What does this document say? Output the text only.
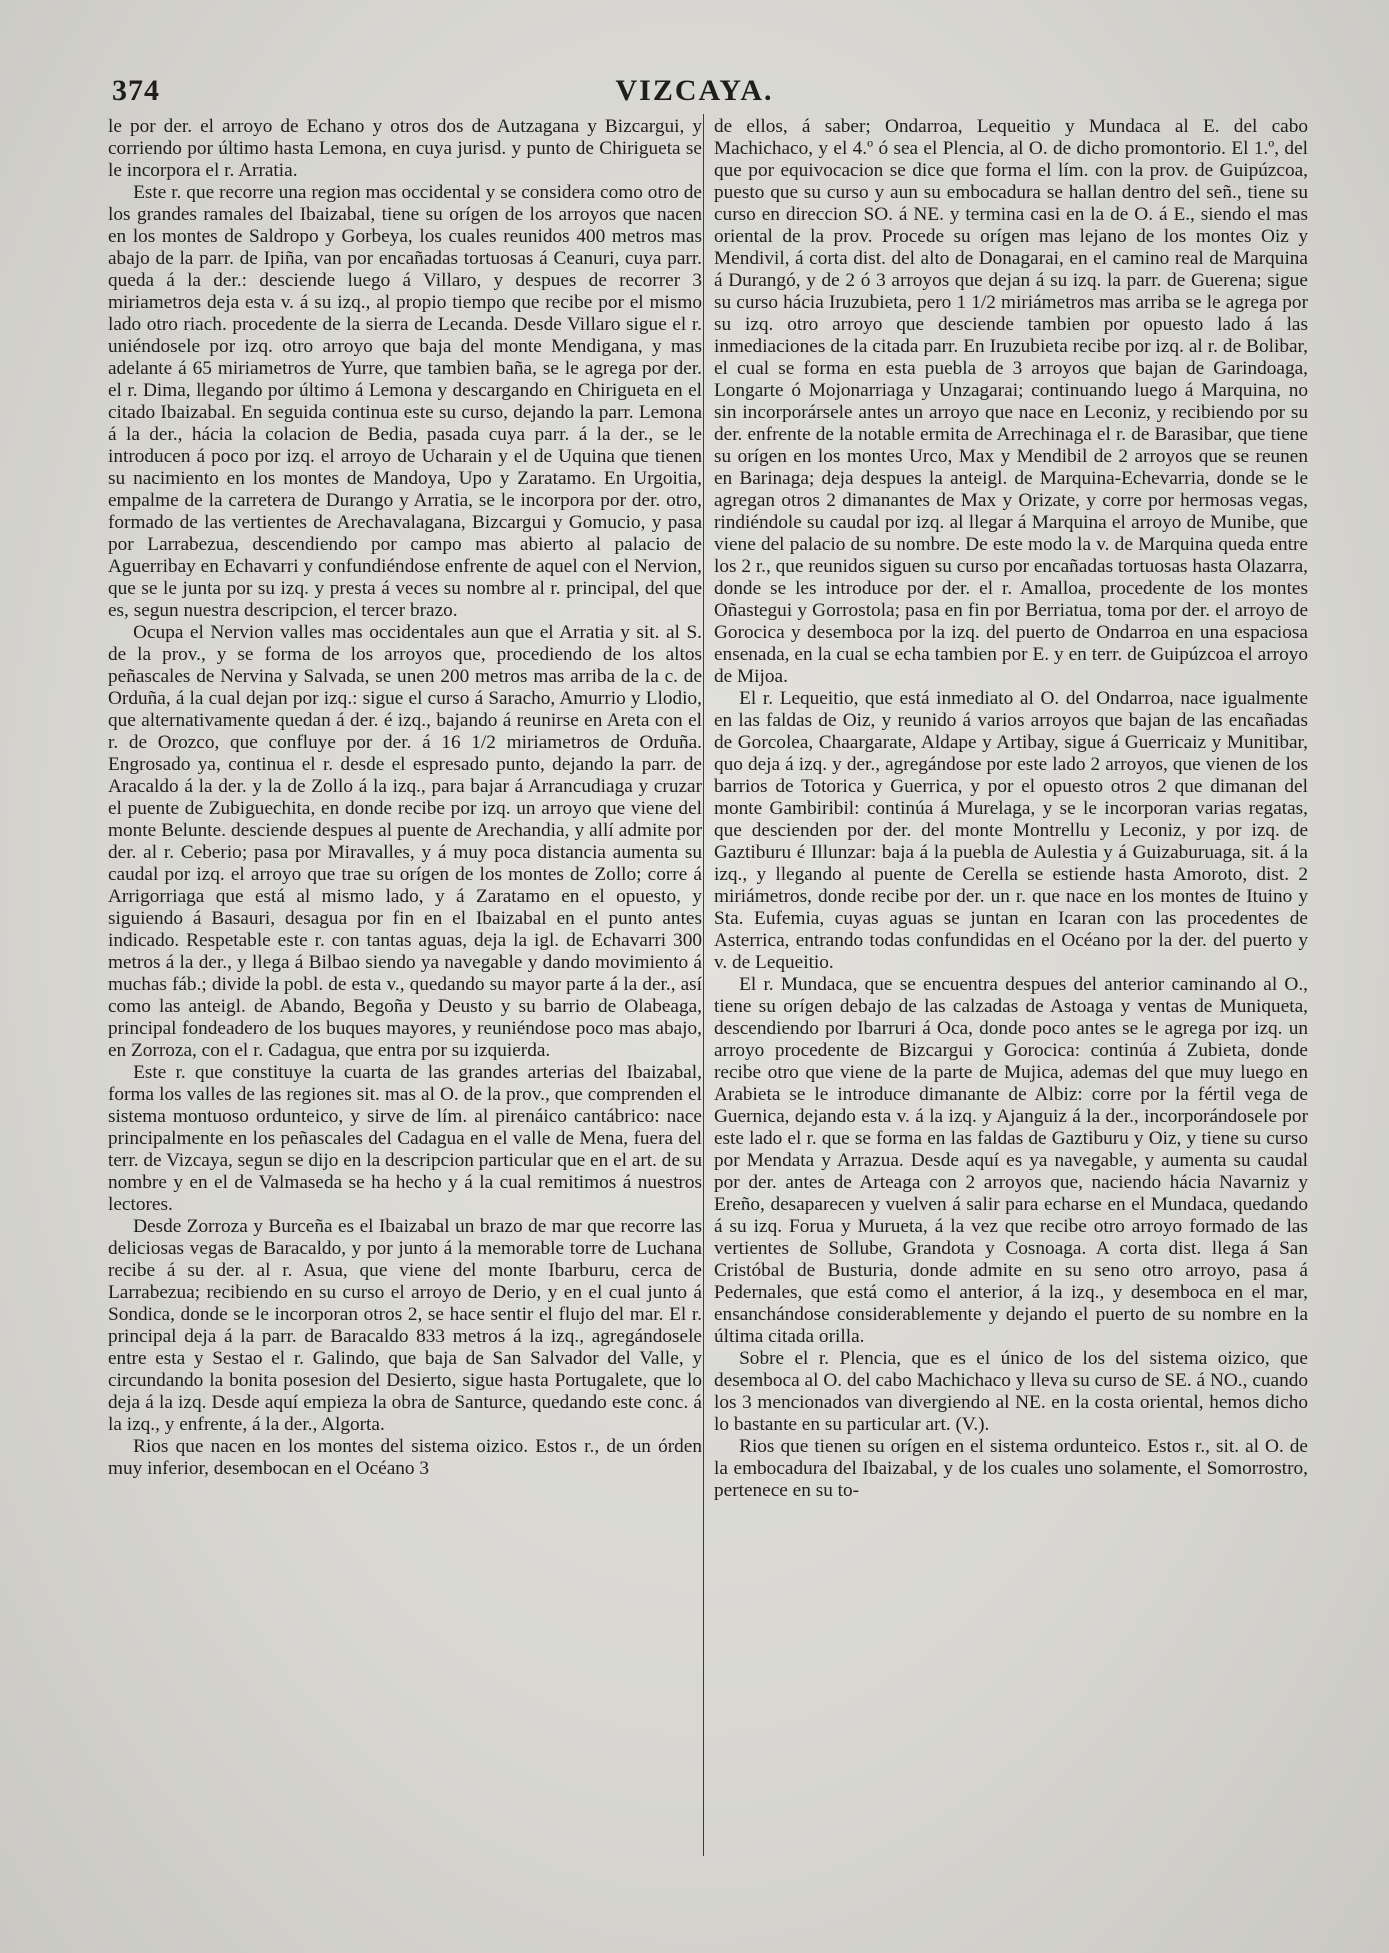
374	VIZCAYA.

le por der. el arroyo de Echano y otros dos de Autzagana y Bizcargui, y corriendo por último hasta Lemona, en cuya jurisd. y punto de Chirigueta se le incorpora el r. Arratia.

Este r. que recorre una region mas occidental y se considera como otro de los grandes ramales del Ibaizabal, tiene su orígen de los arroyos que nacen en los montes de Saldropo y Gorbeya, los cuales reunidos 400 metros mas abajo de la parr. de Ipiña, van por encañadas tortuosas á Ceanuri, cuya parr. queda á la der.: desciende luego á Villaro, y despues de recorrer 3 miriametros deja esta v. á su izq., al propio tiempo que recibe por el mismo lado otro riach. procedente de la sierra de Lecanda. Desde Villaro sigue el r. uniéndosele por izq. otro arroyo que baja del monte Mendigana, y mas adelante á 65 miriametros de Yurre, que tambien baña, se le agrega por der. el r. Dima, llegando por último á Lemona y descargando en Chirigueta en el citado Ibaizabal. En seguida continua este su curso, dejando la parr. Lemona á la der., hácia la colacion de Bedia, pasada cuya parr. á la der., se le introducen á poco por izq. el arroyo de Ucharain y el de Uquina que tienen su nacimiento en los montes de Mandoya, Upo y Zaratamo. En Urgoitia, empalme de la carretera de Durango y Arratia, se le incorpora por der. otro, formado de las vertientes de Arechavalagana, Bizcargui y Gomucio, y pasa por Larrabezua, descendiendo por campo mas abierto al palacio de Aguerribay en Echavarri y confundiéndose enfrente de aquel con el Nervion, que se le junta por su izq. y presta á veces su nombre al r. principal, del que es, segun nuestra descripcion, el tercer brazo.

Ocupa el Nervion valles mas occidentales aun que el Arratia y sit. al S. de la prov., y se forma de los arroyos que, procediendo de los altos peñascales de Nervina y Salvada, se unen 200 metros mas arriba de la c. de Orduña, á la cual dejan por izq.: sigue el curso á Saracho, Amurrio y Llodio, que alternativamente quedan á der. é izq., bajando á reunirse en Areta con el r. de Orozco, que confluye por der. á 16 1/2 miriametros de Orduña. Engrosado ya, continua el r. desde el espresado punto, dejando la parr. de Aracaldo á la der. y la de Zollo á la izq., para bajar á Arrancudiaga y cruzar el puente de Zubiguechita, en donde recibe por izq. un arroyo que viene del monte Belunte. desciende despues al puente de Arechandia, y allí admite por der. al r. Ceberio; pasa por Miravalles, y á muy poca distancia aumenta su caudal por izq. el arroyo que trae su orígen de los montes de Zollo; corre á Arrigorriaga que está al mismo lado, y á Zaratamo en el opuesto, y siguiendo á Basauri, desagua por fin en el Ibaizabal en el punto antes indicado. Respetable este r. con tantas aguas, deja la igl. de Echavarri 300 metros á la der., y llega á Bilbao siendo ya navegable y dando movimiento á muchas fáb.; divide la pobl. de esta v., quedando su mayor parte á la der., así como las anteigl. de Abando, Begoña y Deusto y su barrio de Olabeaga, principal fondeadero de los buques mayores, y reuniéndose poco mas abajo, en Zorroza, con el r. Cadagua, que entra por su izquierda.

Este r. que constituye la cuarta de las grandes arterias del Ibaizabal, forma los valles de las regiones sit. mas al O. de la prov., que comprenden el sistema montuoso ordunteico, y sirve de lím. al pirenáico cantábrico: nace principalmente en los peñascales del Cadagua en el valle de Mena, fuera del terr. de Vizcaya, segun se dijo en la descripcion particular que en el art. de su nombre y en el de Valmaseda se ha hecho y á la cual remitimos á nuestros lectores.

Desde Zorroza y Burceña es el Ibaizabal un brazo de mar que recorre las deliciosas vegas de Baracaldo, y por junto á la memorable torre de Luchana recibe á su der. al r. Asua, que viene del monte Ibarburu, cerca de Larrabezua; recibiendo en su curso el arroyo de Derio, y en el cual junto á Sondica, donde se le incorporan otros 2, se hace sentir el flujo del mar. El r. principal deja á la parr. de Baracaldo 833 metros á la izq., agregándosele entre esta y Sestao el r. Galindo, que baja de San Salvador del Valle, y circundando la bonita posesion del Desierto, sigue hasta Portugalete, que lo deja á la izq. Desde aquí empieza la obra de Santurce, quedando este conc. á la izq., y enfrente, á la der., Algorta.

Rios que nacen en los montes del sistema oizico. Estos r., de un órden muy inferior, desembocan en el Océano 3

de ellos, á saber; Ondarroa, Lequeitio y Mundaca al E. del cabo Machichaco, y el 4.º ó sea el Plencia, al O. de dicho promontorio. El 1.º, del que por equivocacion se dice que forma el lím. con la prov. de Guipúzcoa, puesto que su curso y aun su embocadura se hallan dentro del señ., tiene su curso en direccion SO. á NE. y termina casi en la de O. á E., siendo el mas oriental de la prov. Procede su orígen mas lejano de los montes Oiz y Mendivil, á corta dist. del alto de Donagarai, en el camino real de Marquina á Durangó, y de 2 ó 3 arroyos que dejan á su izq. la parr. de Guerena; sigue su curso hácia Iruzubieta, pero 1 1/2 miriámetros mas arriba se le agrega por su izq. otro arroyo que desciende tambien por opuesto lado á las inmediaciones de la citada parr. En Iruzubieta recibe por izq. al r. de Bolibar, el cual se forma en esta pueblа de 3 arroyos que bajan de Garindoaga, Longarte ó Mojonarriaga y Unzagarai; continuando luego á Marquina, no sin incorporársele antes un arroyo que nace en Leconiz, y recibiendo por su der. enfrente de la notable ermita de Arrechinaga el r. de Barasibar, que tiene su orígen en los montes Urco, Max y Mendibil de 2 arroyos que se reunen en Barinaga; deja despues la anteigl. de Marquina-Echevarria, donde se le agregan otros 2 dimanantes de Max y Orizate, y corre por hermosas vegas, rindiéndole su caudal por izq. al llegar á Marquina el arroyo de Munibe, que viene del palacio de su nombre. De este modo la v. de Marquina queda entre los 2 r., que reunidos siguen su curso por encañadas tortuosas hasta Olazarra, donde se les introduce por der. el r. Amalloa, procedente de los montes Oñastegui y Gorrostola; pasa en fin por Berriatua, toma por der. el arroyo de Gorocica y desemboca por la izq. del puerto de Ondarroa en una espaciosa ensenada, en la cual se echa tambien por E. y en terr. de Guipúzcoa el arroyo de Mijoa.

El r. Lequeitio, que está inmediato al O. del Ondarroa, nace igualmente en las faldas de Oiz, y reunido á varios arroyos que bajan de las encañadas de Gorcolea, Chaargarate, Aldape y Artibay, sigue á Guerricaiz y Munitibar, quo deja á izq. y der., agregándose por este lado 2 arroyos, que vienen de los barrios de Totorica y Guerrica, y por el opuesto otros 2 que dimanan del monte Gambiribil: continúa á Murelaga, y se le incorporan varias regatas, que descienden por der. del monte Montrellu y Leconiz, y por izq. de Gaztiburu é Illunzar: baja á la pueblа de Aulestia y á Guizaburuaga, sit. á la izq., y llegando al puente de Cerella se estiende hasta Amoroto, dist. 2 miriámetros, donde recibe por der. un r. que nace en los montes de Ituino y Sta. Eufemia, cuyas aguas se juntan en Icaran con las procedentes de Asterrica, entrando todas confundidas en el Océano por la der. del puerto y v. de Lequeitio.

El r. Mundaca, que se encuentra despues del anterior caminando al O., tiene su orígen debajo de las calzadas de Astoaga y ventas de Muniqueta, descendiendo por Ibarruri á Oca, donde poco antes se le agrega por izq. un arroyo procedente de Bizcargui y Gorocica: continúa á Zubieta, donde recibe otro que viene de la parte de Mujica, ademas del que muy luego en Arabieta se le introduce dimanante de Albiz: corre por la fértil vega de Guernica, dejando esta v. á la izq. y Ajanguiz á la der., incorporándosele por este lado el r. que se forma en las faldas de Gaztiburu y Oiz, y tiene su curso por Mendata y Arrazua. Desde aquí es ya navegable, y aumenta su caudal por der. antes de Arteaga con 2 arroyos que, naciendo hácia Navarniz y Ereño, desaparecen y vuelven á salir para echarse en el Mundaca, quedando á su izq. Forua y Murueta, á la vez que recibe otro arroyo formado de las vertientes de Sollube, Grandota y Cosnoaga. A corta dist. llega á San Cristóbal de Busturia, donde admite en su seno otro arroyo, pasa á Pedernales, que está como el anterior, á la izq., y desemboca en el mar, ensanchándose considerablemente y dejando el puerto de su nombre en la última citada orilla.

Sobre el r. Plencia, que es el único de los del sistema oizico, que desemboca al O. del cabo Machichaco y lleva su curso de SE. á NO., cuando los 3 mencionados van divergiendo al NE. en la costa oriental, hemos dicho lo bastante en su particular art. (V.).

Rios que tienen su orígen en el sistema ordunteico. Estos r., sit. al O. de la embocadura del Ibaizabal, y de los cuales uno solamente, el Somorrostro, pertenece en su to-
